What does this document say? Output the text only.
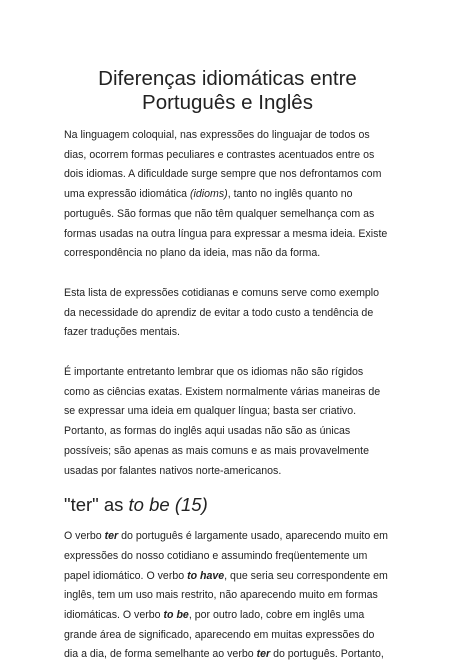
Diferenças idiomáticas entre
Português e Inglês

Na linguagem coloquial, nas expressões do linguajar de todos os dias, ocorrem formas peculiares e contrastes acentuados entre os dois idiomas. A dificuldade surge sempre que nos defrontamos com uma expressão idiomática (idioms), tanto no inglês quanto no português. São formas que não têm qualquer semelhança com as formas usadas na outra língua para expressar a mesma ideia. Existe correspondência no plano da ideia, mas não da forma.

Esta lista de expressões cotidianas e comuns serve como exemplo da necessidade do aprendiz de evitar a todo custo a tendência de fazer traduções mentais.

É importante entretanto lembrar que os idiomas não são rígidos como as ciências exatas. Existem normalmente várias maneiras de se expressar uma ideia em qualquer língua; basta ser criativo. Portanto, as formas do inglês aqui usadas não são as únicas possíveis; são apenas as mais comuns e as mais provavelmente usadas por falantes nativos norte-americanos.

"ter" as to be (15)

O verbo ter do português é largamente usado, aparecendo muito em expressões do nosso cotidiano e assumindo freqüentemente um papel idiomático. O verbo to have, que seria seu correspondente em inglês, tem um uso mais restrito, não aparecendo muito em formas idiomáticas. O verbo to be, por outro lado, cobre em inglês uma grande área de significado, aparecendo em muitas expressões do dia a dia, de forma semelhante ao verbo ter do português. Portanto,
